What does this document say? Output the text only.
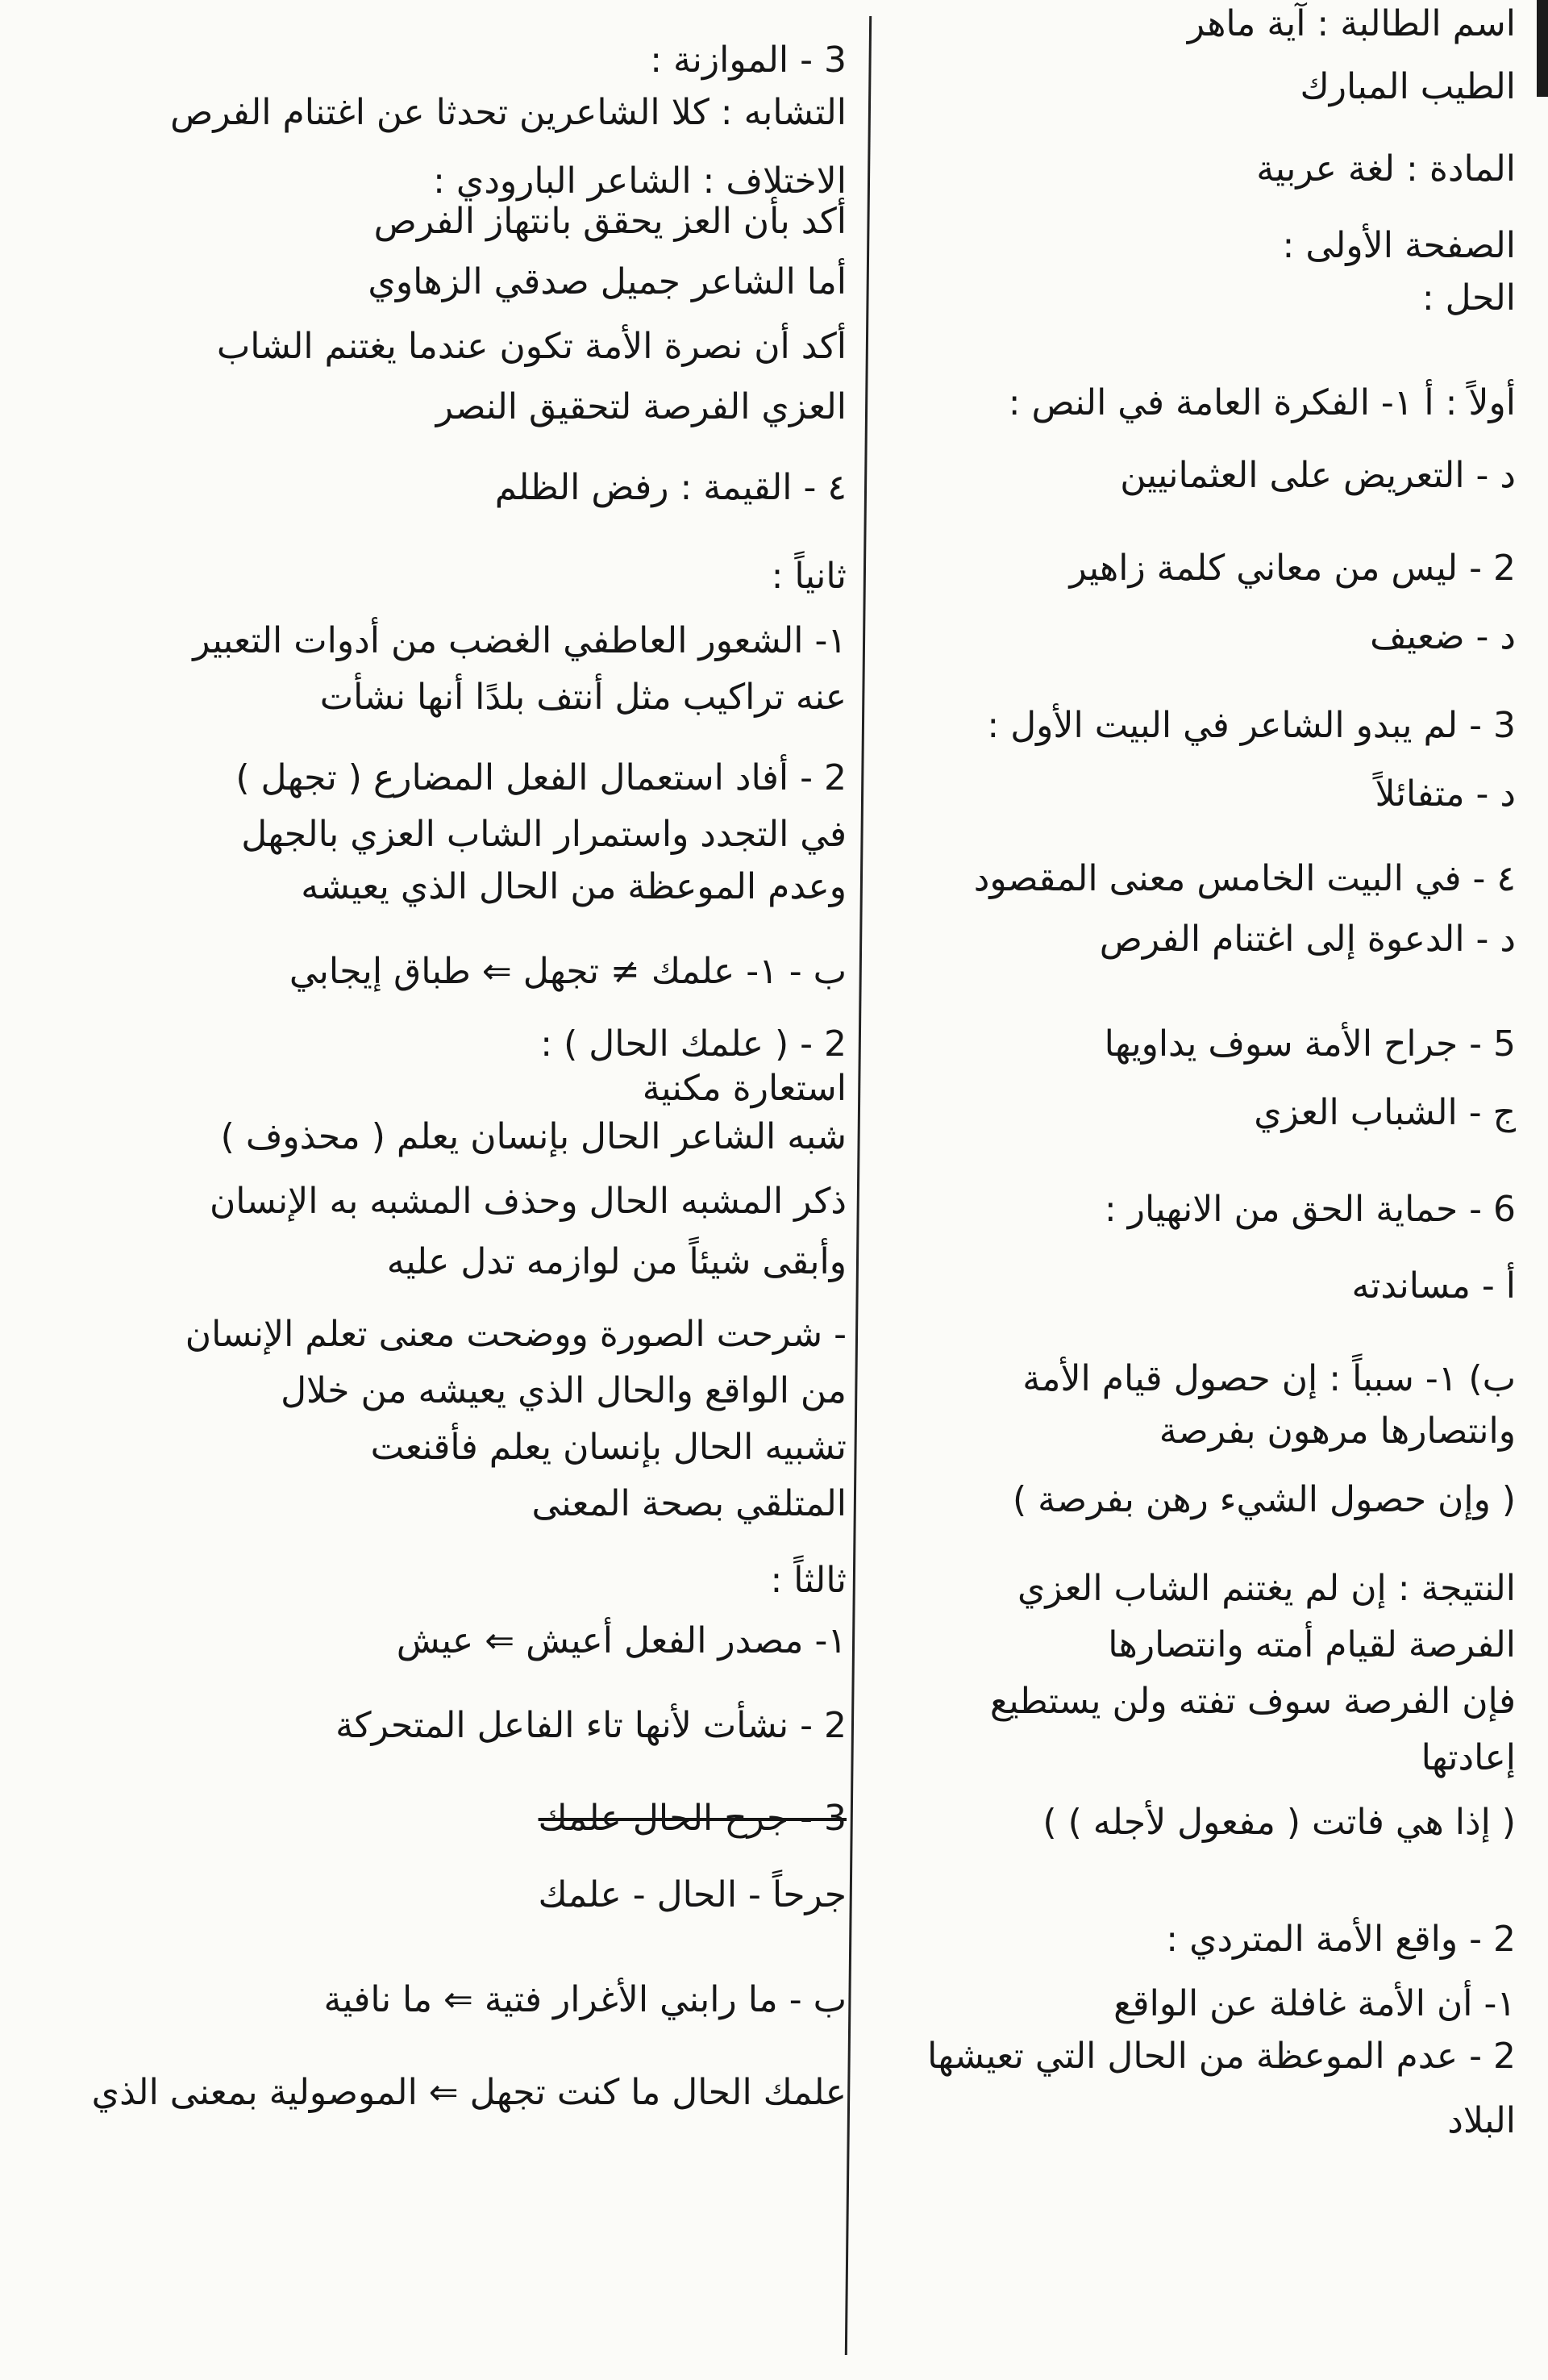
اسم الطالبة : آية ماهر
الطيب المبارك
المادة : لغة عربية
الصفحة الأولى :
الحل :
أولاً : أ ١- الفكرة العامة في النص :
د - التعريض على العثمانيين
2 - ليس من معاني كلمة زاهير
د - ضعيف
3 - لم يبدو الشاعر في البيت الأول :
د - متفائلاً
٤ - في البيت الخامس معنى المقصود
د - الدعوة إلى اغتنام الفرص
5 - جراح الأمة سوف يداويها
ج - الشباب العزي
6 - حماية الحق من الانهيار :
أ - مساندته
ب) ١- سبباً : إن حصول قيام الأمة
وانتصارها مرهون بفرصة
( وإن حصول الشيء رهن بفرصة )
النتيجة : إن لم يغتنم الشاب العزي
الفرصة لقيام أمته وانتصارها
فإن الفرصة سوف تفته ولن يستطيع
إعادتها
( إذا هي فاتت ( مفعول لأجله ) )
2 - واقع الأمة المتردي :
١- أن الأمة غافلة عن الواقع
2 - عدم الموعظة من الحال التي تعيشها
البلاد
3 - الموازنة :
التشابه : كلا الشاعرين تحدثا عن اغتنام الفرص
الاختلاف : الشاعر البارودي :
أكد بأن العز يحقق بانتهاز الفرص
أما الشاعر جميل صدقي الزهاوي
أكد أن نصرة الأمة تكون عندما يغتنم الشاب
العزي الفرصة لتحقيق النصر
٤ - القيمة : رفض الظلم
ثانياً :
١- الشعور العاطفي الغضب من أدوات التعبير
عنه تراكيب مثل أنتف بلدًا أنها نشأت
2 - أفاد استعمال الفعل المضارع ( تجهل )
في التجدد واستمرار الشاب العزي بالجهل
وعدم الموعظة من الحال الذي يعيشه
ب - ١- علمك ≠ تجهل ⇐ طباق إيجابي
2 - ( علمك الحال ) :
استعارة مكنية
شبه الشاعر الحال بإنسان يعلم ( محذوف )
ذكر المشبه الحال وحذف المشبه به الإنسان
وأبقى شيئاً من لوازمه تدل عليه
- شرحت الصورة ووضحت معنى تعلم الإنسان
من الواقع والحال الذي يعيشه من خلال
تشبيه الحال بإنسان يعلم فأقنعت
المتلقي بصحة المعنى
ثالثاً :
١- مصدر الفعل أعيش ⇐ عيش
2 - نشأت لأنها تاء الفاعل المتحركة
3 - جرح الحال علمك
جرحاً - الحال - علمك
ب - ما رابني الأغرار فتية ⇐ ما نافية
علمك الحال ما كنت تجهل ⇐ الموصولية بمعنى الذي
